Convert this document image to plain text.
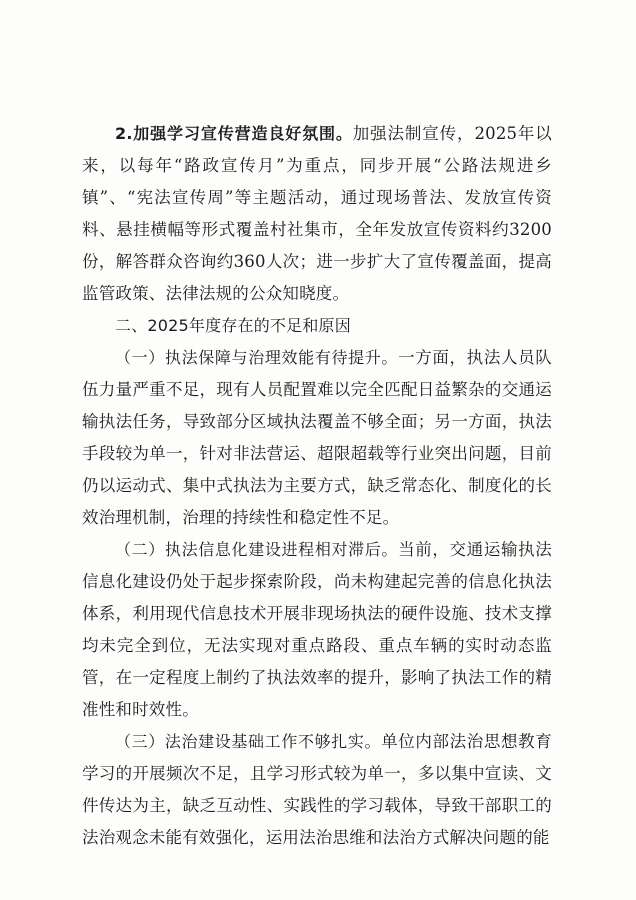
2.加强学习宣传营造良好氛围。加强法制宣传，2025年以来，以每年“路政宣传月”为重点，同步开展“公路法规进乡镇”、“宪法宣传周”等主题活动，通过现场普法、发放宣传资料、悬挂横幅等形式覆盖村社集市，全年发放宣传资料约3200份，解答群众咨询约360人次；进一步扩大了宣传覆盖面，提高监管政策、法律法规的公众知晓度。

二、2025年度存在的不足和原因

（一）执法保障与治理效能有待提升。一方面，执法人员队伍力量严重不足，现有人员配置难以完全匹配日益繁杂的交通运输执法任务，导致部分区域执法覆盖不够全面；另一方面，执法手段较为单一，针对非法营运、超限超载等行业突出问题，目前仍以运动式、集中式执法为主要方式，缺乏常态化、制度化的长效治理机制，治理的持续性和稳定性不足。

（二）执法信息化建设进程相对滞后。当前，交通运输执法信息化建设仍处于起步探索阶段，尚未构建起完善的信息化执法体系，利用现代信息技术开展非现场执法的硬件设施、技术支撑均未完全到位，无法实现对重点路段、重点车辆的实时动态监管，在一定程度上制约了执法效率的提升，影响了执法工作的精准性和时效性。

（三）法治建设基础工作不够扎实。单位内部法治思想教育学习的开展频次不足，且学习形式较为单一，多以集中宣读、文件传达为主，缺乏互动性、实践性的学习载体，导致干部职工的法治观念未能有效强化，运用法治思维和法治方式解决问题的能
